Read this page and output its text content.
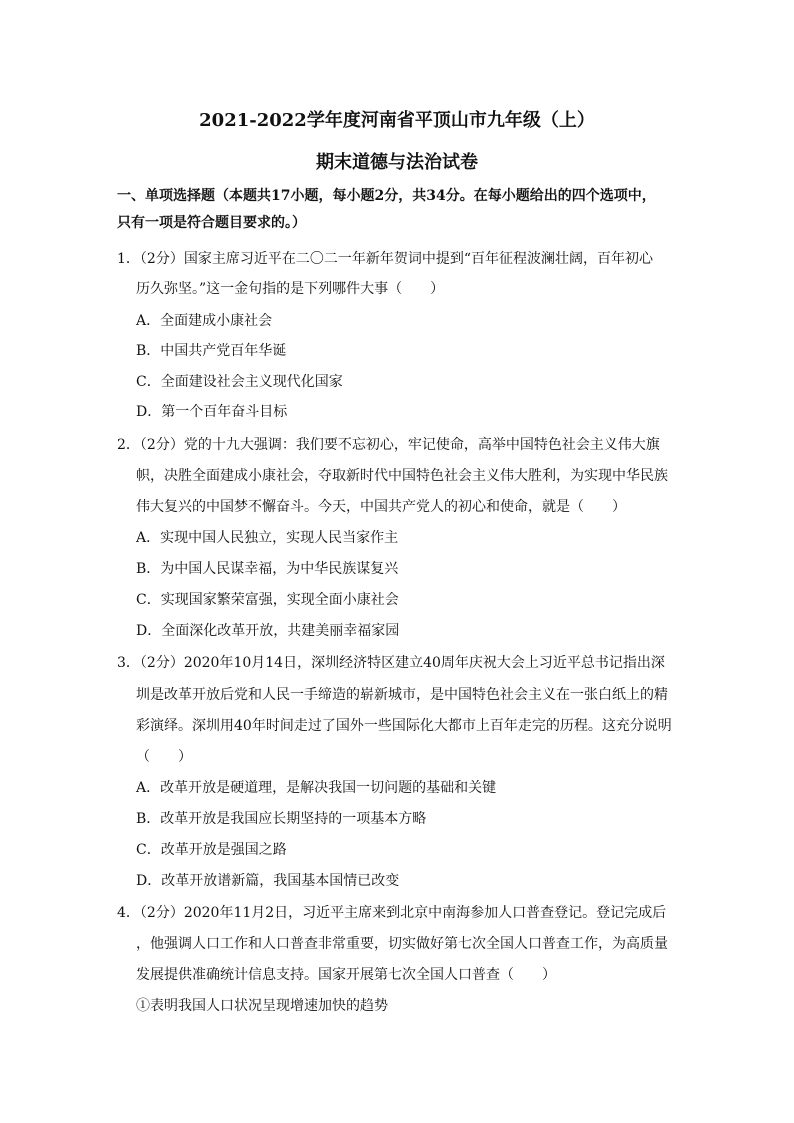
2021-2022学年度河南省平顶山市九年级（上）
期末道德与法治试卷
一、单项选择题（本题共17小题，每小题2分，共34分。在每小题给出的四个选项中，
只有一项是符合题目要求的。）
1．（2分）国家主席习近平在二〇二一年新年贺词中提到“百年征程波澜壮阔，百年初心
历久弥坚。”这一金句指的是下列哪件大事（　　）
A．全面建成小康社会
B．中国共产党百年华诞
C．全面建设社会主义现代化国家
D．第一个百年奋斗目标
2．（2分）党的十九大强调：我们要不忘初心，牢记使命，高举中国特色社会主义伟大旗
帜，决胜全面建成小康社会，夺取新时代中国特色社会主义伟大胜利，为实现中华民族
伟大复兴的中国梦不懈奋斗。今天，中国共产党人的初心和使命，就是（　　）
A．实现中国人民独立，实现人民当家作主
B．为中国人民谋幸福，为中华民族谋复兴
C．实现国家繁荣富强，实现全面小康社会
D．全面深化改革开放，共建美丽幸福家园
3．（2分）2020年10月14日，深圳经济特区建立40周年庆祝大会上习近平总书记指出深
圳是改革开放后党和人民一手缔造的崭新城市，是中国特色社会主义在一张白纸上的精
彩演绎。深圳用40年时间走过了国外一些国际化大都市上百年走完的历程。这充分说明
（　　）
A．改革开放是硬道理，是解决我国一切问题的基础和关键
B．改革开放是我国应长期坚持的一项基本方略
C．改革开放是强国之路
D．改革开放谱新篇，我国基本国情已改变
4．（2分）2020年11月2日，习近平主席来到北京中南海参加人口普查登记。登记完成后
，他强调人口工作和人口普查非常重要，切实做好第七次全国人口普查工作，为高质量
发展提供准确统计信息支持。国家开展第七次全国人口普查（　　）
①表明我国人口状况呈现增速加快的趋势
